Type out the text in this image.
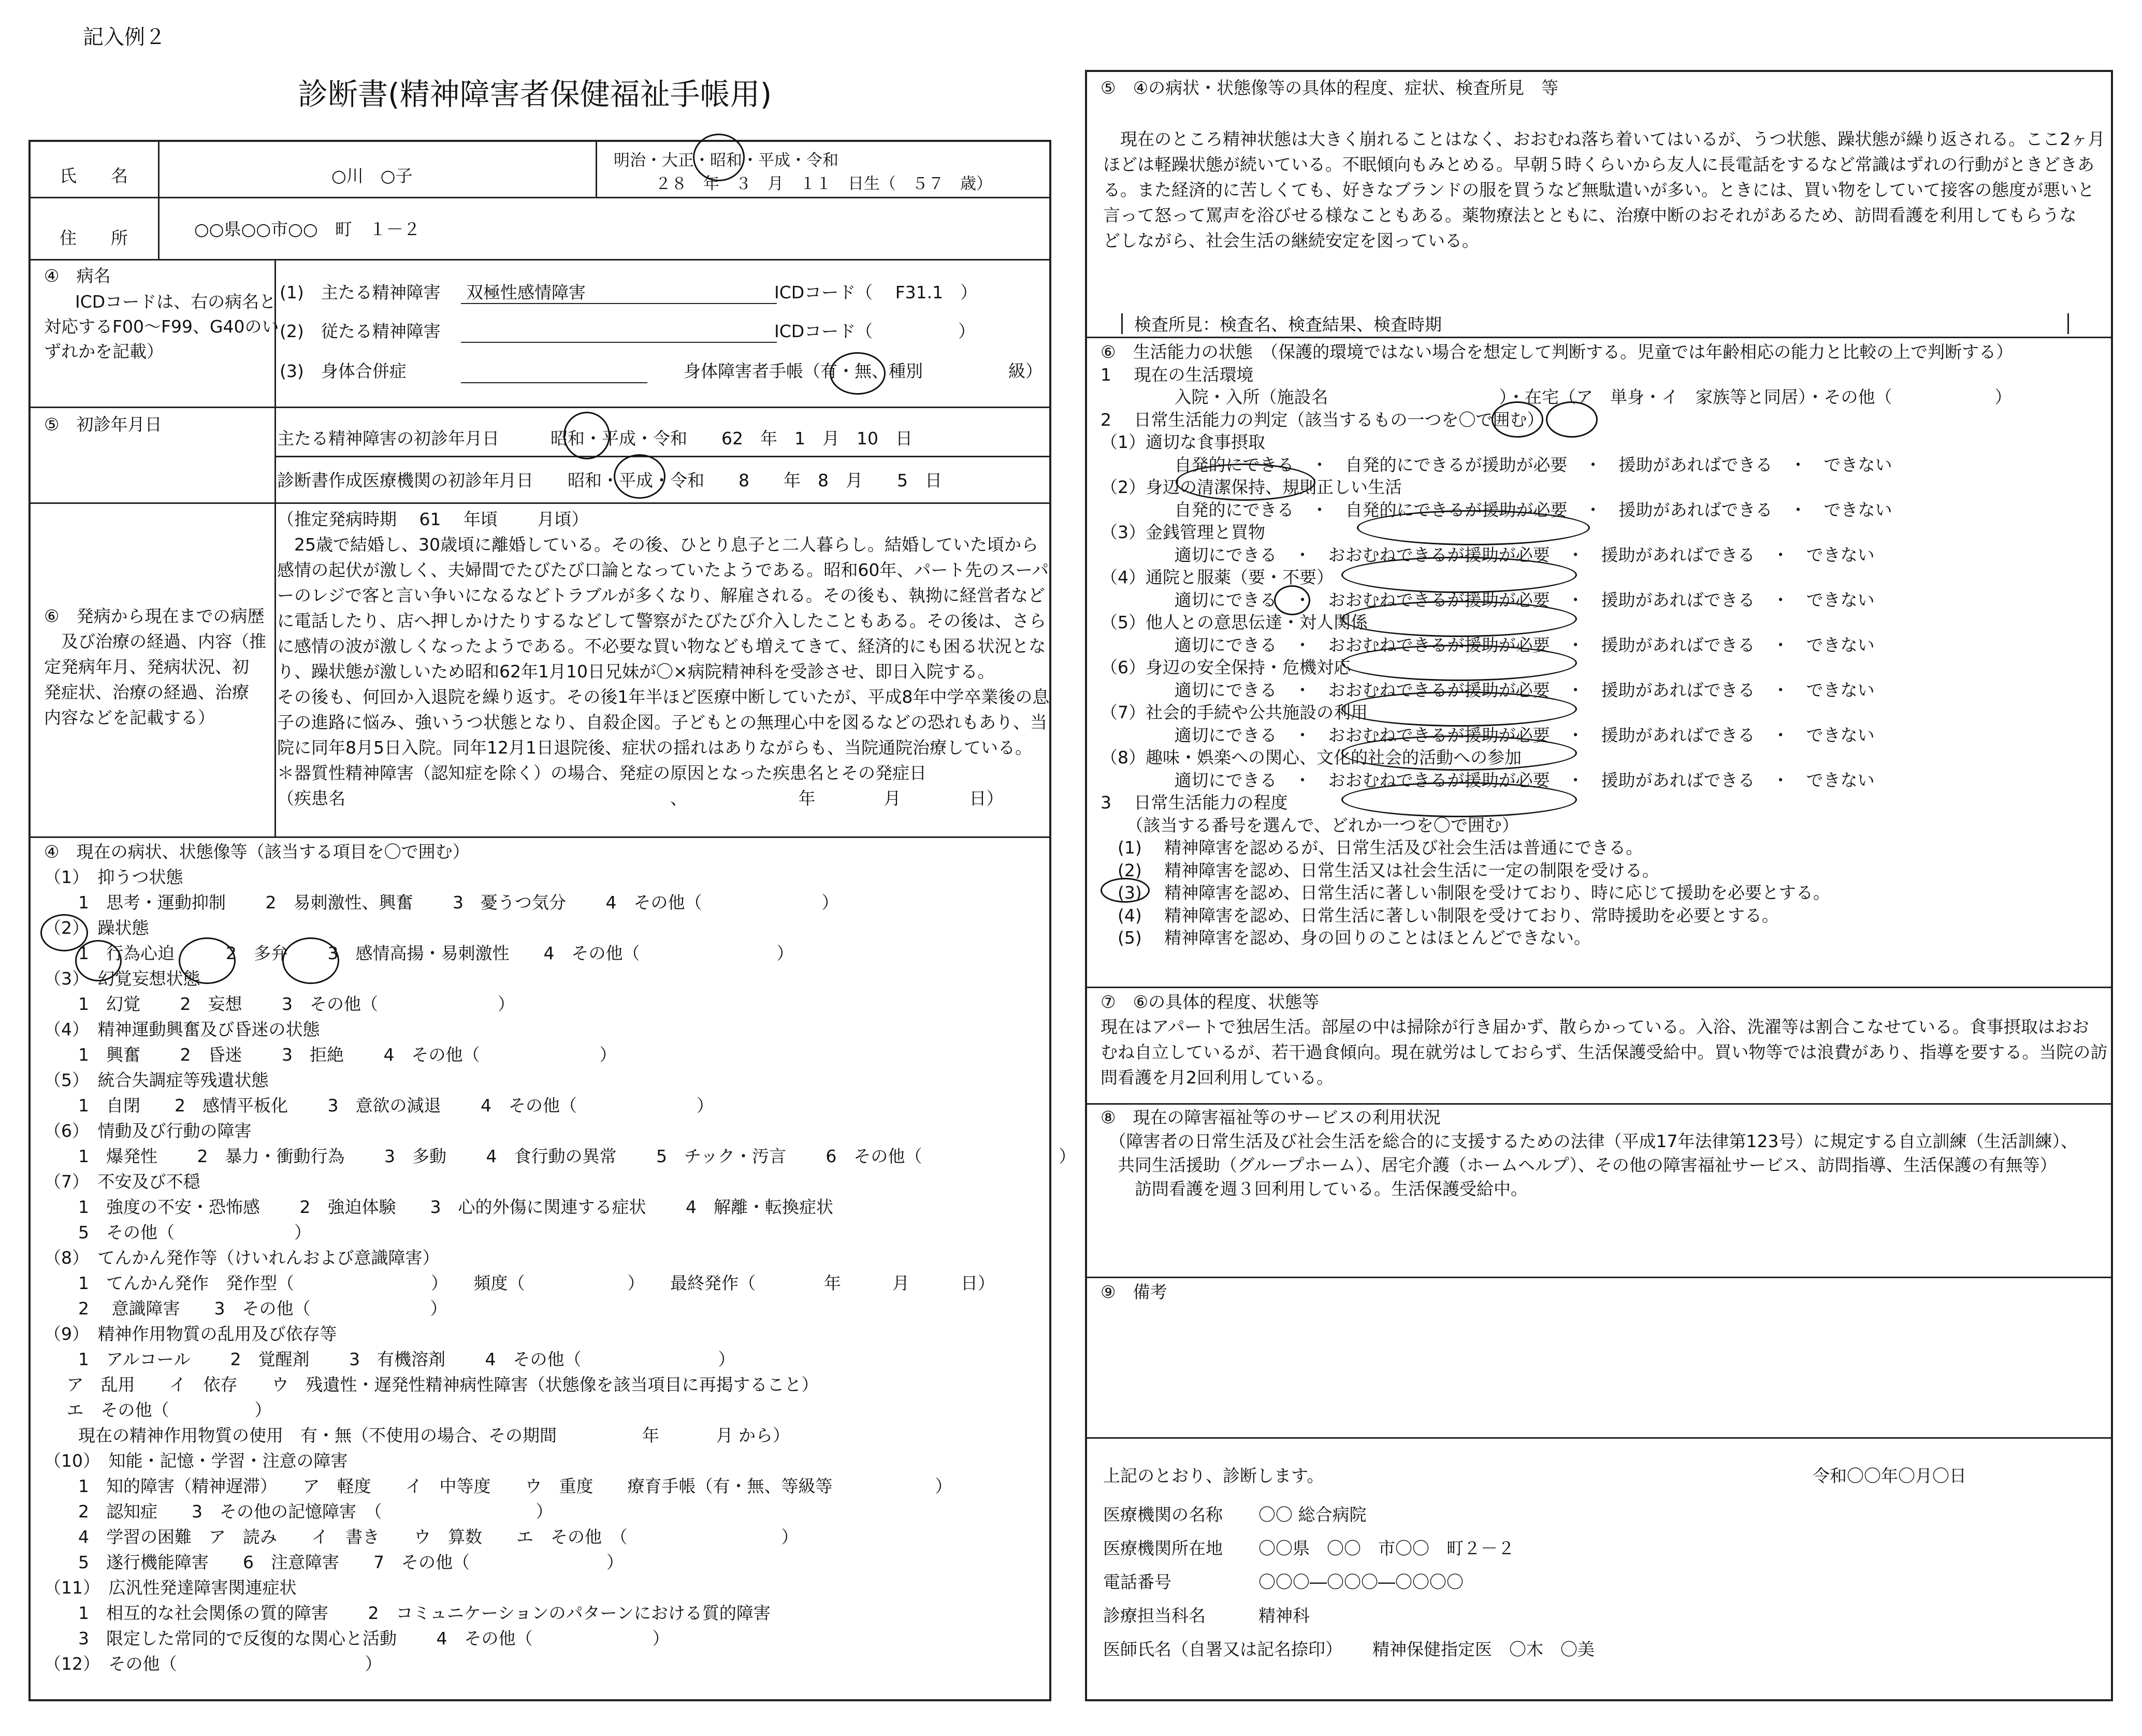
記入例２
診断書(精神障害者保健福祉手帳用)
氏　　名	○川　○子
明治・大正・昭和・平成・令和
２８　年　３　月　１１　日生（　５７　歳）
住　　所	○○県○○市○○　町　１－２
④　病名
ICDコードは、右の病名と
対応するF00～F99、G40のい
ずれかを記載）
(1)　主たる精神障害 双極性感情障害	ICDコード（　 F31.1　）
(2)　従たる精神障害	ICDコード（　　　　　）
(3)　身体合併症	身体障害者手帳（有・無、種別　　　　　級）
⑤　初診年月日
主たる精神障害の初診年月日　　　昭和・平成・令和　　62　年　1　月　10　日
診断書作成医療機関の初診年月日　　昭和・平成・令和　　8　　年　8　月　　5　日
⑥　発病から現在までの病歴
　及び治療の経過、内容（推
定発病年月、発病状況、初
発症状、治療の経過、治療
内容などを記載する）
（推定発病時期　 61　 年頃　　 月頃）
　25歳で結婚し、30歳頃に離婚している。その後、ひとり息子と二人暮らし。結婚していた頃から
感情の起伏が激しく、夫婦間でたびたび口論となっていたようである。昭和60年、パート先のスーパ
ーのレジで客と言い争いになるなどトラブルが多くなり、解雇される。その後も、執拗に経営者など
に電話したり、店へ押しかけたりするなどして警察がたびたび介入したこともある。その後は、さら
に感情の波が激しくなったようである。不必要な買い物なども増えてきて、経済的にも困る状況とな
り、躁状態が激しいため昭和62年1月10日兄妹が〇×病院精神科を受診させ、即日入院する。
その後も、何回か入退院を繰り返す。その後1年半ほど医療中断していたが、平成8年中学卒業後の息
子の進路に悩み、強いうつ状態となり、自殺企図。子どもとの無理心中を図るなどの恐れもあり、当
院に同年8月5日入院。同年12月1日退院後、症状の揺れはありながらも、当院通院治療している。
＊器質性精神障害（認知症を除く）の場合、発症の原因となった疾患名とその発症日
（疾患名　　　　　　　　　　　　　　　　　　　、　　　　　　　年　　　　月　　　　日）
④　現在の病状、状態像等（該当する項目を〇で囲む）
（1）　抑うつ状態
　　1　思考・運動抑制　　 2　易刺激性、興奮　　 3　憂うつ気分　　 4　その他（　　　　　　　）
（2）　躁状態
　　1　行為心迫　　　2　多弁　　 3　感情高揚・易刺激性　　4　その他（　　　　　　　　）
（3）　幻覚妄想状態
　　1　幻覚　　 2　妄想　　 3　その他（　　　　　　　）
（4）　精神運動興奮及び昏迷の状態
　　1　興奮　　 2　昏迷　　 3　拒絶　　 4　その他（　　　　　　　）
（5）　統合失調症等残遺状態
　　1　自閉　　2　感情平板化　　 3　意欲の減退　　 4　その他（　　　　　　　）
（6）　情動及び行動の障害
　　1　爆発性　　 2　暴力・衝動行為　　 3　多動　　 4　食行動の異常　　 5　チック・汚言　　 6　その他（　　　　　　　　）
（7）　不安及び不穏
　　1　強度の不安・恐怖感　　 2　強迫体験　　3　心的外傷に関連する症状　　 4　解離・転換症状
　　5　その他（　　　　　　　）
（8）　てんかん発作等（けいれんおよび意識障害）
　　1　てんかん発作　発作型（　　　　　　　　）　　頻度（　　　　　　）　　最終発作（　　　　年　　　月　　　日）
　　2　 意識障害　　3　その他（　　　　　　　）
（9）　精神作用物質の乱用及び依存等
　　1　アルコール　　 2　覚醒剤　　 3　有機溶剤　　 4　その他（　　　　　　　　）
　 ア　乱用　　イ　依存　　ウ　残遺性・遅発性精神病性障害（状態像を該当項目に再掲すること）
　 エ　その他（　　　　　）
　　現在の精神作用物質の使用　有・無（不使用の場合、その期間　　　　　年　　　 月 から）
（10）　知能・記憶・学習・注意の障害
　　1　知的障害（精神遅滞）　　ア　軽度　　イ　中等度　　ウ　重度　　療育手帳（有・無、等級等　　　　　　）
　　2　認知症　　3　その他の記憶障害　（　　　　　　　　　）
　　4　学習の困難　ア　読み　　イ　書き　　ウ　算数　　エ　その他　（　　　　　　　　　）
　　5　遂行機能障害　　6　注意障害　　7　その他（　　　　　　　　）
（11）　広汎性発達障害関連症状
　　1　相互的な社会関係の質的障害　　 2　コミュニケーションのパターンにおける質的障害
　　3　限定した常同的で反復的な関心と活動　　 4　その他（　　　　　　　）
（12）　その他（　　　　　　　　　　　）
⑤　④の病状・状態像等の具体的程度、症状、検査所見　等
　現在のところ精神状態は大きく崩れることはなく、おおむね落ち着いてはいるが、うつ状態、躁状態が繰り返される。ここ2ヶ月
ほどは軽躁状態が続いている。不眠傾向もみとめる。早朝５時くらいから友人に長電話をするなど常識はずれの行動がときどきあ
る。また経済的に苦しくても、好きなブランドの服を買うなど無駄遣いが多い。ときには、買い物をしていて接客の態度が悪いと
言って怒って罵声を浴びせる様なこともある。薬物療法とともに、治療中断のおそれがあるため、訪問看護を利用してもらうな
どしながら、社会生活の継続安定を図っている。
検査所見：検査名、検査結果、検査時期
⑥　生活能力の状態　（保護的環境ではない場合を想定して判断する。児童では年齢相応の能力と比較の上で判断する）
1　 現在の生活環境
　　　　 入院・入所（施設名　　　　　　　　　　）・在宅（ア　単身・イ　家族等と同居）・その他（　　　　　　）
2　 日常生活能力の判定（該当するもの一つを〇で囲む）
（1）適切な食事摂取
　　　　 自発的にできる　・　自発的にできるが援助が必要　・　援助があればできる　・　できない
（2）身辺の清潔保持、規則正しい生活
　　　　 自発的にできる　・　自発的にできるが援助が必要　・　援助があればできる　・　できない
（3）金銭管理と買物
　　　　 適切にできる　・　おおむねできるが援助が必要　・　援助があればできる　・　できない
（4）通院と服薬（要・不要）
　　　　 適切にできる　・　おおむねできるが援助が必要　・　援助があればできる　・　できない
（5）他人との意思伝達・対人関係
　　　　 適切にできる　・　おおむねできるが援助が必要　・　援助があればできる　・　できない
（6）身辺の安全保持・危機対応
　　　　 適切にできる　・　おおむねできるが援助が必要　・　援助があればできる　・　できない
（7）社会的手続や公共施設の利用
　　　　 適切にできる　・　おおむねできるが援助が必要　・　援助があればできる　・　できない
（8）趣味・娯楽への関心、文化的社会的活動への参加
　　　　 適切にできる　・　おおむねできるが援助が必要　・　援助があればできる　・　できない
3　 日常生活能力の程度
　　（該当する番号を選んで、どれか一つを〇で囲む）
　(1)　 精神障害を認めるが、日常生活及び社会生活は普通にできる。
　(2)　 精神障害を認め、日常生活又は社会生活に一定の制限を受ける。
　(3)　 精神障害を認め、日常生活に著しい制限を受けており、時に応じて援助を必要とする。
　(4)　 精神障害を認め、日常生活に著しい制限を受けており、常時援助を必要とする。
　(5)　 精神障害を認め、身の回りのことはほとんどできない。
⑦　⑥の具体的程度、状態等
現在はアパートで独居生活。部屋の中は掃除が行き届かず、散らかっている。入浴、洗濯等は割合こなせている。食事摂取はおお
むね自立しているが、若干過食傾向。現在就労はしておらず、生活保護受給中。買い物等では浪費があり、指導を要する。当院の訪
問看護を月2回利用している。
⑧　現在の障害福祉等のサービスの利用状況
　（障害者の日常生活及び社会生活を総合的に支援するための法律（平成17年法律第123号）に規定する自立訓練（生活訓練）、
　共同生活援助（グループホーム）、居宅介護（ホームヘルプ）、その他の障害福祉サービス、訪問指導、生活保護の有無等）
　　訪問看護を週３回利用している。生活保護受給中。
⑨　備考
上記のとおり、診断します。	令和〇〇年〇月〇日
医療機関の名称 〇〇 総合病院
医療機関所在地 〇〇県　〇〇　市〇〇　町２－２
電話番号	〇〇〇―〇〇〇―〇〇〇〇
診療担当科名	精神科
医師氏名（自署又は記名捺印） 精神保健指定医　〇木　〇美
